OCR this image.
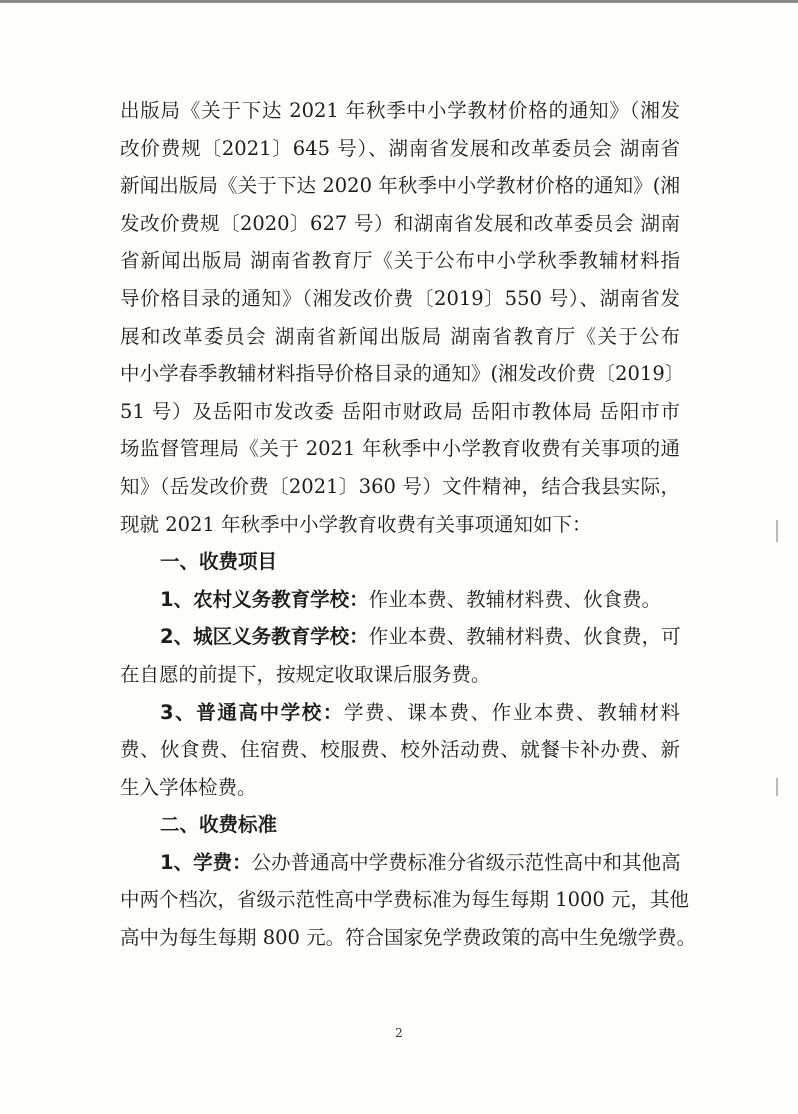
出版局《关于下达 2021 年秋季中小学教材价格的通知》（湘发
改价费规〔2021〕645 号）、湖南省发展和改革委员会 湖南省
新闻出版局《关于下达 2020 年秋季中小学教材价格的通知》(湘
发改价费规〔2020〕627 号）和湖南省发展和改革委员会 湖南
省新闻出版局 湖南省教育厅《关于公布中小学秋季教辅材料指
导价格目录的通知》（湘发改价费〔2019〕550 号）、湖南省发
展和改革委员会 湖南省新闻出版局 湖南省教育厅《关于公布
中小学春季教辅材料指导价格目录的通知》(湘发改价费〔2019〕
51 号）及岳阳市发改委 岳阳市财政局 岳阳市教体局 岳阳市市
场监督管理局《关于 2021 年秋季中小学教育收费有关事项的通
知》（岳发改价费〔2021〕360 号）文件精神，结合我县实际，
现就 2021 年秋季中小学教育收费有关事项通知如下：
一、收费项目
1、农村义务教育学校：作业本费、教辅材料费、伙食费。
2、城区义务教育学校：作业本费、教辅材料费、伙食费，可
在自愿的前提下，按规定收取课后服务费。
3、普通高中学校：学费、课本费、作业本费、教辅材料
费、伙食费、住宿费、校服费、校外活动费、就餐卡补办费、新
生入学体检费。
二、收费标准
1、学费：公办普通高中学费标准分省级示范性高中和其他高
中两个档次，省级示范性高中学费标准为每生每期 1000 元，其他
高中为每生每期 800 元。符合国家免学费政策的高中生免缴学费。
2
